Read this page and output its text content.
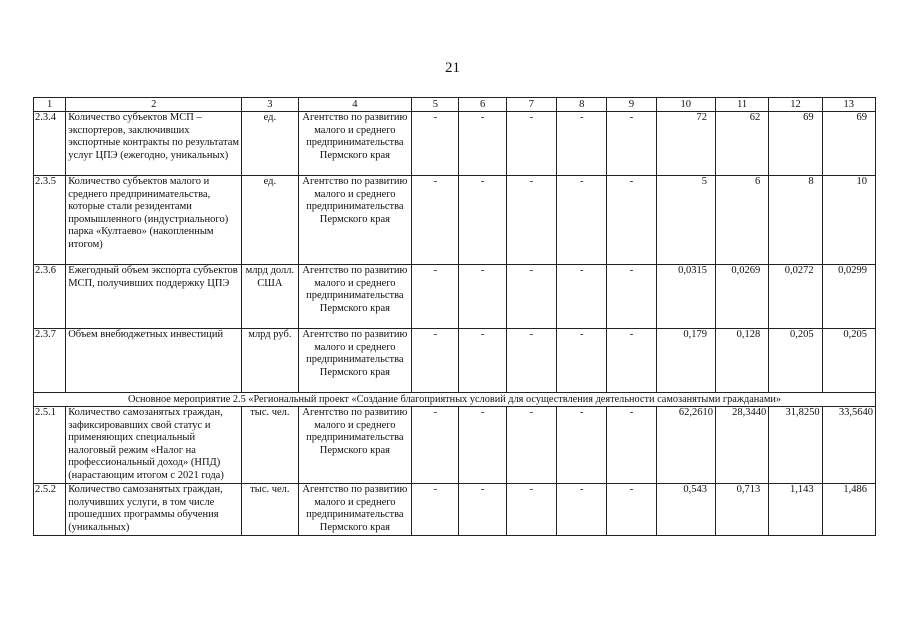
21
1	2	3	4	5	6	7	8	9	10	11	12	13
2.3.4	Количество субъектов МСП – экспортеров, заключивших экспортные контракты по результатам услуг ЦПЭ (ежегодно, уникальных)	ед.	Агентство по развитию малого и среднего предпринимательства Пермского края	-	-	-	-	-	72	62	69	69
2.3.5	Количество субъектов малого и среднего предпринимательства, которые стали резидентами промышленного (индустриального) парка «Култаево» (накопленным итогом)	ед.	Агентство по развитию малого и среднего предпринимательства Пермского края	-	-	-	-	-	5	6	8	10
2.3.6	Ежегодный объем экспорта субъектов МСП, получивших поддержку ЦПЭ	млрд долл. США	Агентство по развитию малого и среднего предпринимательства Пермского края	-	-	-	-	-	0,0315	0,0269	0,0272	0,0299
2.3.7	Объем внебюджетных инвестиций	млрд руб.	Агентство по развитию малого и среднего предпринимательства Пермского края	-	-	-	-	-	0,179	0,128	0,205	0,205
Основное мероприятие 2.5 «Региональный проект «Создание благоприятных условий для осуществления деятельности самозанятыми гражданами»												
2.5.1	Количество самозанятых граждан, зафиксировавших свой статус и применяющих специальный налоговый режим «Налог на профессиональный доход» (НПД) (нарастающим итогом с 2021 года)	тыс. чел.	Агентство по развитию малого и среднего предпринимательства Пермского края	-	-	-	-	-	62,2610	28,3440	31,8250	33,5640
2.5.2	Количество самозанятых граждан, получивших услуги, в том числе прошедших программы обучения (уникальных)	тыс. чел.	Агентство по развитию малого и среднего предпринимательства Пермского края	-	-	-	-	-	0,543	0,713	1,143	1,486
